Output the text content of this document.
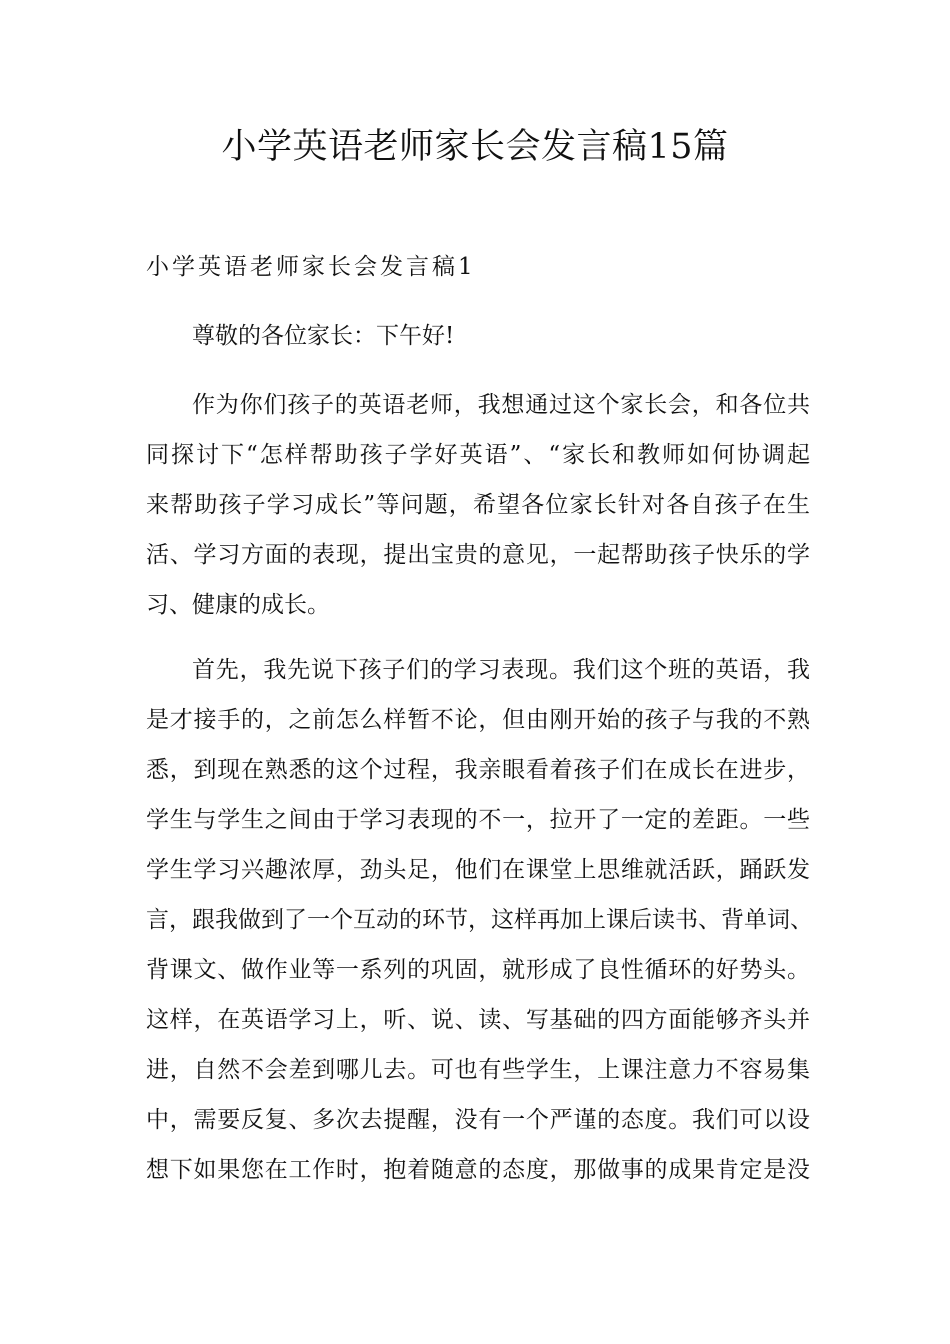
小学英语老师家长会发言稿15篇
小学英语老师家长会发言稿1
尊敬的各位家长：下午好!
作为你们孩子的英语老师，我想通过这个家长会，和各位共
同探讨下“怎样帮助孩子学好英语”、“家长和教师如何协调起
来帮助孩子学习成长”等问题，希望各位家长针对各自孩子在生
活、学习方面的表现，提出宝贵的意见，一起帮助孩子快乐的学
习、健康的成长。
首先，我先说下孩子们的学习表现。我们这个班的英语，我
是才接手的，之前怎么样暂不论，但由刚开始的孩子与我的不熟
悉，到现在熟悉的这个过程，我亲眼看着孩子们在成长在进步，
学生与学生之间由于学习表现的不一，拉开了一定的差距。一些
学生学习兴趣浓厚，劲头足，他们在课堂上思维就活跃，踊跃发
言，跟我做到了一个互动的环节，这样再加上课后读书、背单词、
背课文、做作业等一系列的巩固，就形成了良性循环的好势头。
这样，在英语学习上，听、说、读、写基础的四方面能够齐头并
进，自然不会差到哪儿去。可也有些学生，上课注意力不容易集
中，需要反复、多次去提醒，没有一个严谨的态度。我们可以设
想下如果您在工作时，抱着随意的态度，那做事的成果肯定是没
